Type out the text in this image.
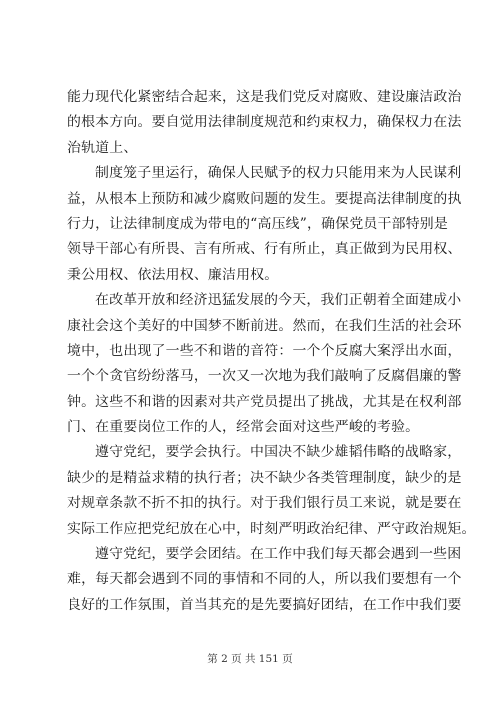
能力现代化紧密结合起来，这是我们党反对腐败、建设廉洁政治
的根本方向。要自觉用法律制度规范和约束权力，确保权力在法
治轨道上、

制度笼子里运行，确保人民赋予的权力只能用来为人民谋利
益，从根本上预防和减少腐败问题的发生。要提高法律制度的执
行力，让法律制度成为带电的“高压线”，确保党员干部特别是
领导干部心有所畏、言有所戒、行有所止，真正做到为民用权、
秉公用权、依法用权、廉洁用权。

在改革开放和经济迅猛发展的今天，我们正朝着全面建成小
康社会这个美好的中国梦不断前进。然而，在我们生活的社会环
境中，也出现了一些不和谐的音符：一个个反腐大案浮出水面，
一个个贪官纷纷落马，一次又一次地为我们敲响了反腐倡廉的警
钟。这些不和谐的因素对共产党员提出了挑战，尤其是在权利部
门、在重要岗位工作的人，经常会面对这些严峻的考验。

遵守党纪，要学会执行。中国决不缺少雄韬伟略的战略家，
缺少的是精益求精的执行者；决不缺少各类管理制度，缺少的是
对规章条款不折不扣的执行。对于我们银行员工来说，就是要在
实际工作应把党纪放在心中，时刻严明政治纪律、严守政治规矩。

遵守党纪，要学会团结。在工作中我们每天都会遇到一些困
难，每天都会遇到不同的事情和不同的人，所以我们要想有一个
良好的工作氛围，首当其充的是先要搞好团结，在工作中我们要

第 2 页 共 151 页
